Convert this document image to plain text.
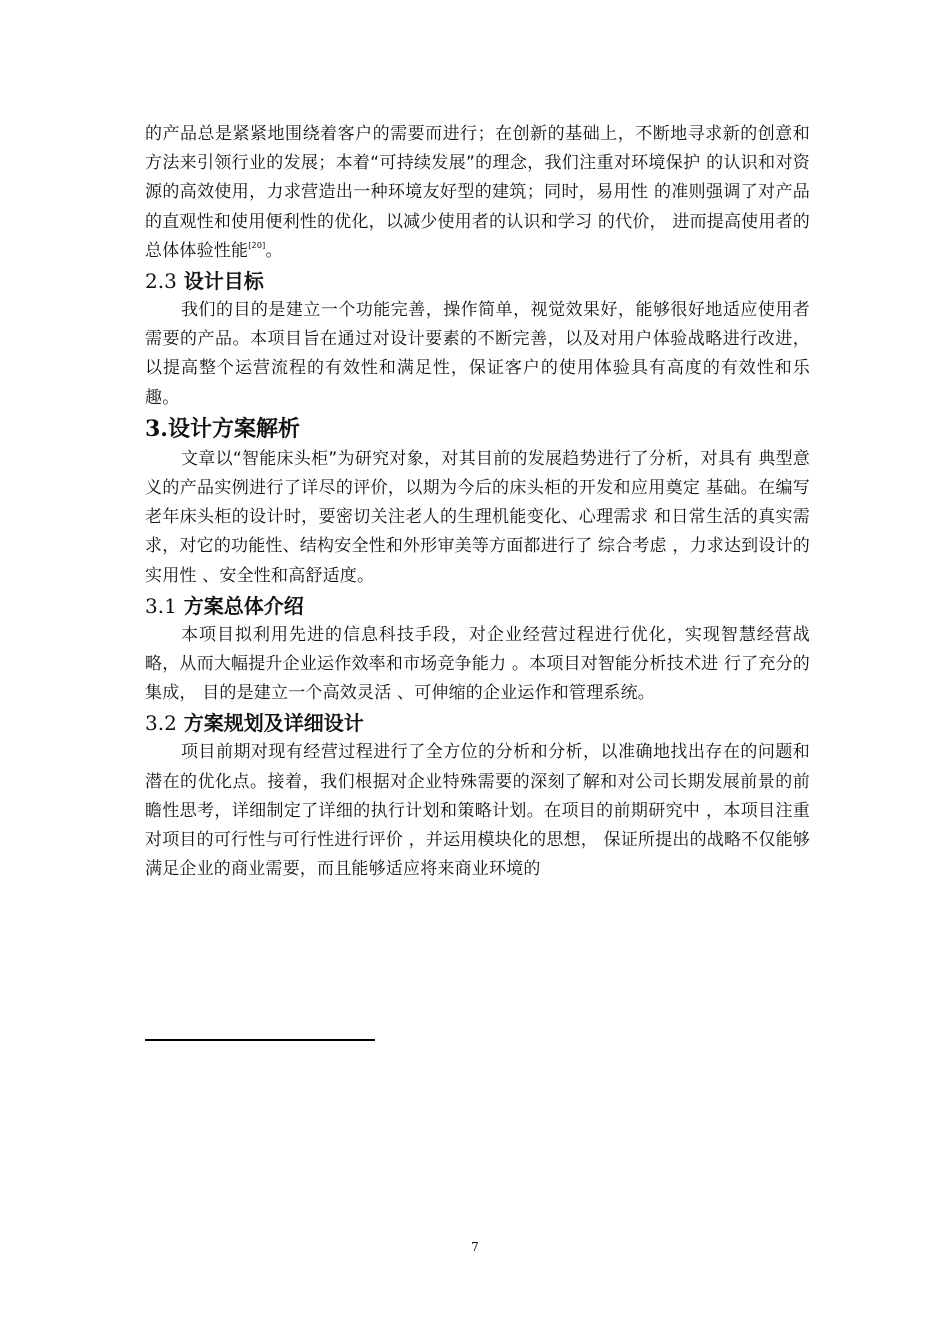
的产品总是紧紧地围绕着客户的需要而进行；在创新的基础上，不断地寻求新的创意和方法来引领行业的发展；本着“可持续发展”的理念，我们注重对环境保护 的认识和对资源的高效使用，力求营造出一种环境友好型的建筑；同时，易用性 的准则强调了对产品的直观性和使用便利性的优化，以减少使用者的认识和学习 的代价， 进而提高使用者的总体体验性能[20]。

2.3 设计目标

我们的目的是建立一个功能完善，操作简单，视觉效果好，能够很好地适应使用者需要的产品。本项目旨在通过对设计要素的不断完善，以及对用户体验战略进行改进，以提高整个运营流程的有效性和满足性，保证客户的使用体验具有高度的有效性和乐趣。

3.设计方案解析

文章以“智能床头柜”为研究对象，对其目前的发展趋势进行了分析，对具有 典型意义的产品实例进行了详尽的评价，以期为今后的床头柜的开发和应用奠定 基础。在编写老年床头柜的设计时，要密切关注老人的生理机能变化、心理需求 和日常生活的真实需求，对它的功能性、结构安全性和外形审美等方面都进行了 综合考虑 ，力求达到设计的实用性 、安全性和高舒适度。

3.1 方案总体介绍

本项目拟利用先进的信息科技手段，对企业经营过程进行优化，实现智慧经营战略，从而大幅提升企业运作效率和市场竞争能力 。本项目对智能分析技术进 行了充分的集成， 目的是建立一个高效灵活 、可伸缩的企业运作和管理系统。

3.2 方案规划及详细设计

项目前期对现有经营过程进行了全方位的分析和分析，以准确地找出存在的问题和潜在的优化点。接着，我们根据对企业特殊需要的深刻了解和对公司长期发展前景的前瞻性思考，详细制定了详细的执行计划和策略计划。在项目的前期研究中 ，本项目注重对项目的可行性与可行性进行评价 ，并运用模块化的思想， 保证所提出的战略不仅能够满足企业的商业需要，而且能够适应将来商业环境的

7
